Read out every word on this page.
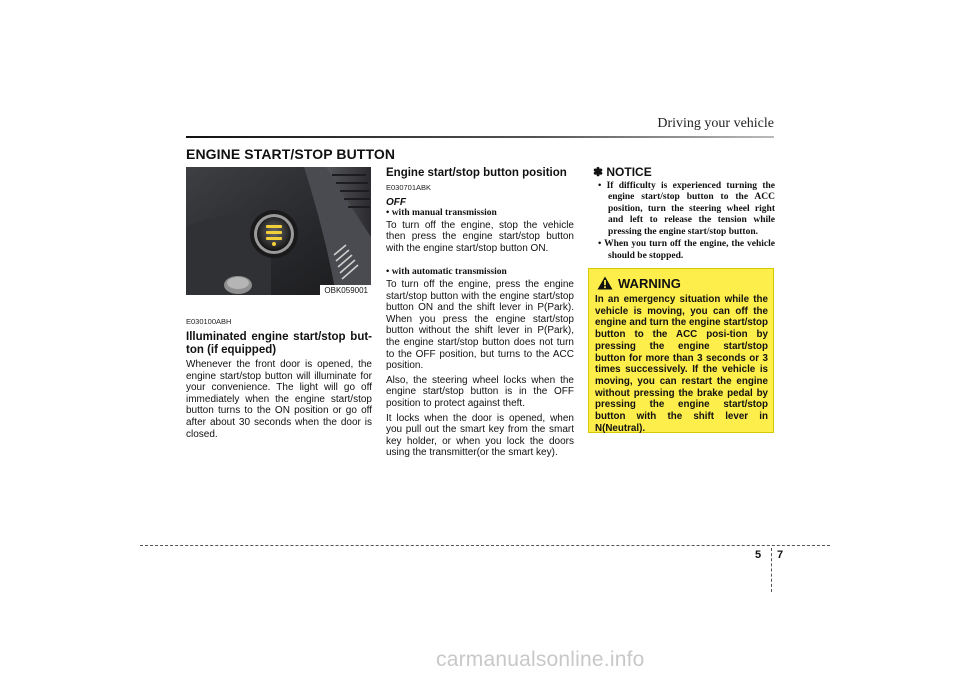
Driving your vehicle
ENGINE START/STOP BUTTON
OBK059001

E030100ABH

Illuminated engine start/stop but-ton (if equipped)

Whenever the front door is opened, the engine start/stop button will illuminate for your convenience. The light will go off immediately when the engine start/stop button turns to the ON position or go off after about 30 seconds when the door is closed.

Engine start/stop button position

E030701ABK

OFF

• with manual transmission

To turn off the engine, stop the vehicle then press the engine start/stop button with the engine start/stop button ON.

• with automatic transmission

To turn off the engine, press the engine start/stop button with the engine start/stop button ON and the shift lever in P(Park). When you press the engine start/stop button without the shift lever in P(Park), the engine start/stop button does not turn to the OFF position, but turns to the ACC position.

Also, the steering wheel locks when the engine start/stop button is in the OFF position to protect against theft.

It locks when the door is opened, when you pull out the smart key from the smart key holder, or when you lock the doors using the transmitter(or the smart key).

✽ NOTICE

• If difficulty is experienced turning the engine start/stop button to the ACC position, turn the steering wheel right and left to release the tension while pressing the engine start/stop button.
• When you turn off the engine, the vehicle should be stopped.
WARNING
In an emergency situation while the vehicle is moving, you can off the engine and turn the engine start/stop button to the ACC posi-tion by pressing the engine start/stop button for more than 3 seconds or 3 times successively. If the vehicle is moving, you can restart the engine without pressing the brake pedal by pressing the engine start/stop button with the shift lever in N(Neutral).
5 7
carmanualsonline.info
